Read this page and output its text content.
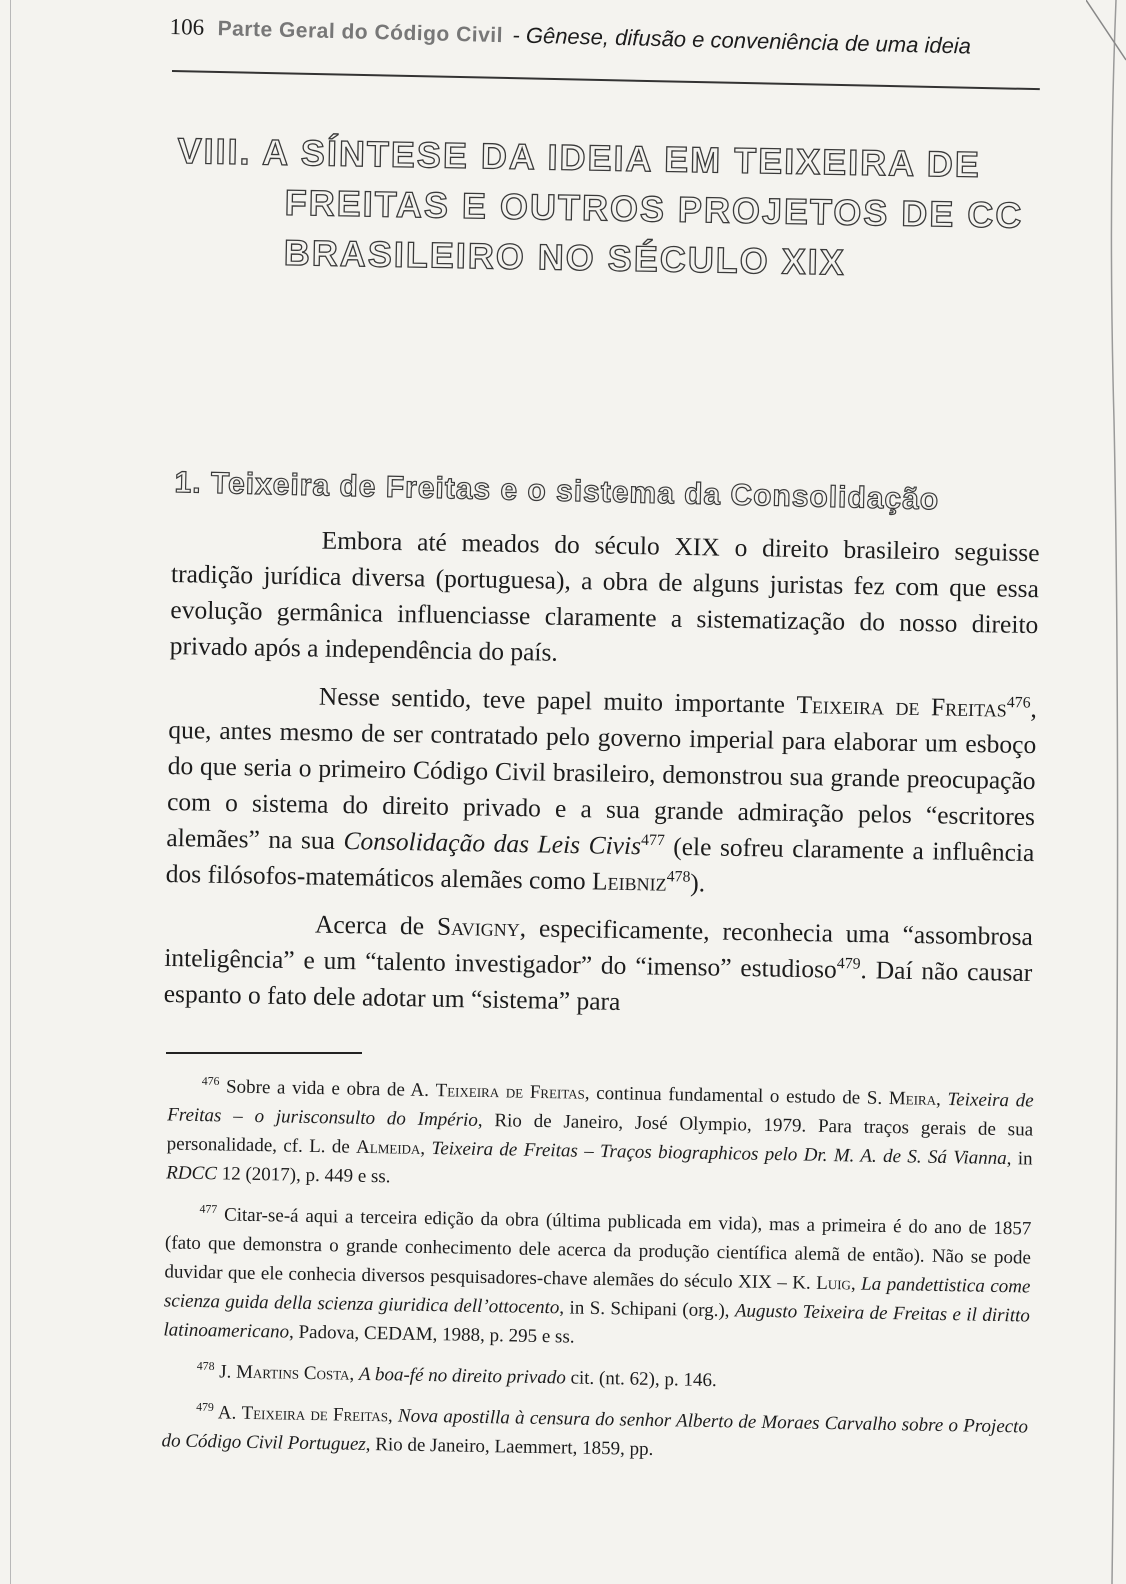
106 Parte Geral do Código Civil - Gênese, difusão e conveniência de uma ideia
VIII. A SÍNTESE DA IDEIA EM TEIXEIRA DE
FREITAS E OUTROS PROJETOS DE CC
BRASILEIRO NO SÉCULO XIX
1. Teixeira de Freitas e o sistema da Consolidação

Embora até meados do século XIX o direito brasileiro seguisse tradição jurídica diversa (portuguesa), a obra de alguns juristas fez com que essa evolução germânica influenciasse claramente a sistematização do nosso direito privado após a independência do país.

Nesse sentido, teve papel muito importante Teixeira de Freitas$^{476}$, que, antes mesmo de ser contratado pelo governo imperial para elaborar um esboço do que seria o primeiro Código Civil brasileiro, demonstrou sua grande preocupação com o sistema do direito privado e a sua grande admiração pelos “escritores alemães” na sua Consolidação das Leis Civis$^{477}$ (ele sofreu claramente a influência dos filósofos-matemáticos alemães como Leibniz$^{478}$).

Acerca de Savigny, especificamente, reconhecia uma “assombrosa inteligência” e um “talento investigador” do “imenso” estudioso$^{479}$. Daí não causar espanto o fato dele adotar um “sistema” para

$^{476}$ Sobre a vida e obra de A. Teixeira de Freitas, continua fundamental o estudo de S. Meira, Teixeira de Freitas – o jurisconsulto do Império, Rio de Janeiro, José Olympio, 1979. Para traços gerais de sua personalidade, cf. L. de Almeida, Teixeira de Freitas – Traços biographicos pelo Dr. M. A. de S. Sá Vianna, in RDCC 12 (2017), p. 449 e ss.

$^{477}$ Citar-se-á aqui a terceira edição da obra (última publicada em vida), mas a primeira é do ano de 1857 (fato que demonstra o grande conhecimento dele acerca da produção científica alemã de então). Não se pode duvidar que ele conhecia diversos pesquisadores-chave alemães do século XIX – K. Luig, La pandettistica come scienza guida della scienza giuridica dell’ottocento, in S. Schipani (org.), Augusto Teixeira de Freitas e il diritto latinoamericano, Padova, CEDAM, 1988, p. 295 e ss.

$^{478}$ J. Martins Costa, A boa-fé no direito privado cit. (nt. 62), p. 146.

$^{479}$ A. Teixeira de Freitas, Nova apostilla à censura do senhor Alberto de Moraes Carvalho sobre o Projecto do Código Civil Portuguez, Rio de Janeiro, Laemmert, 1859, pp.
